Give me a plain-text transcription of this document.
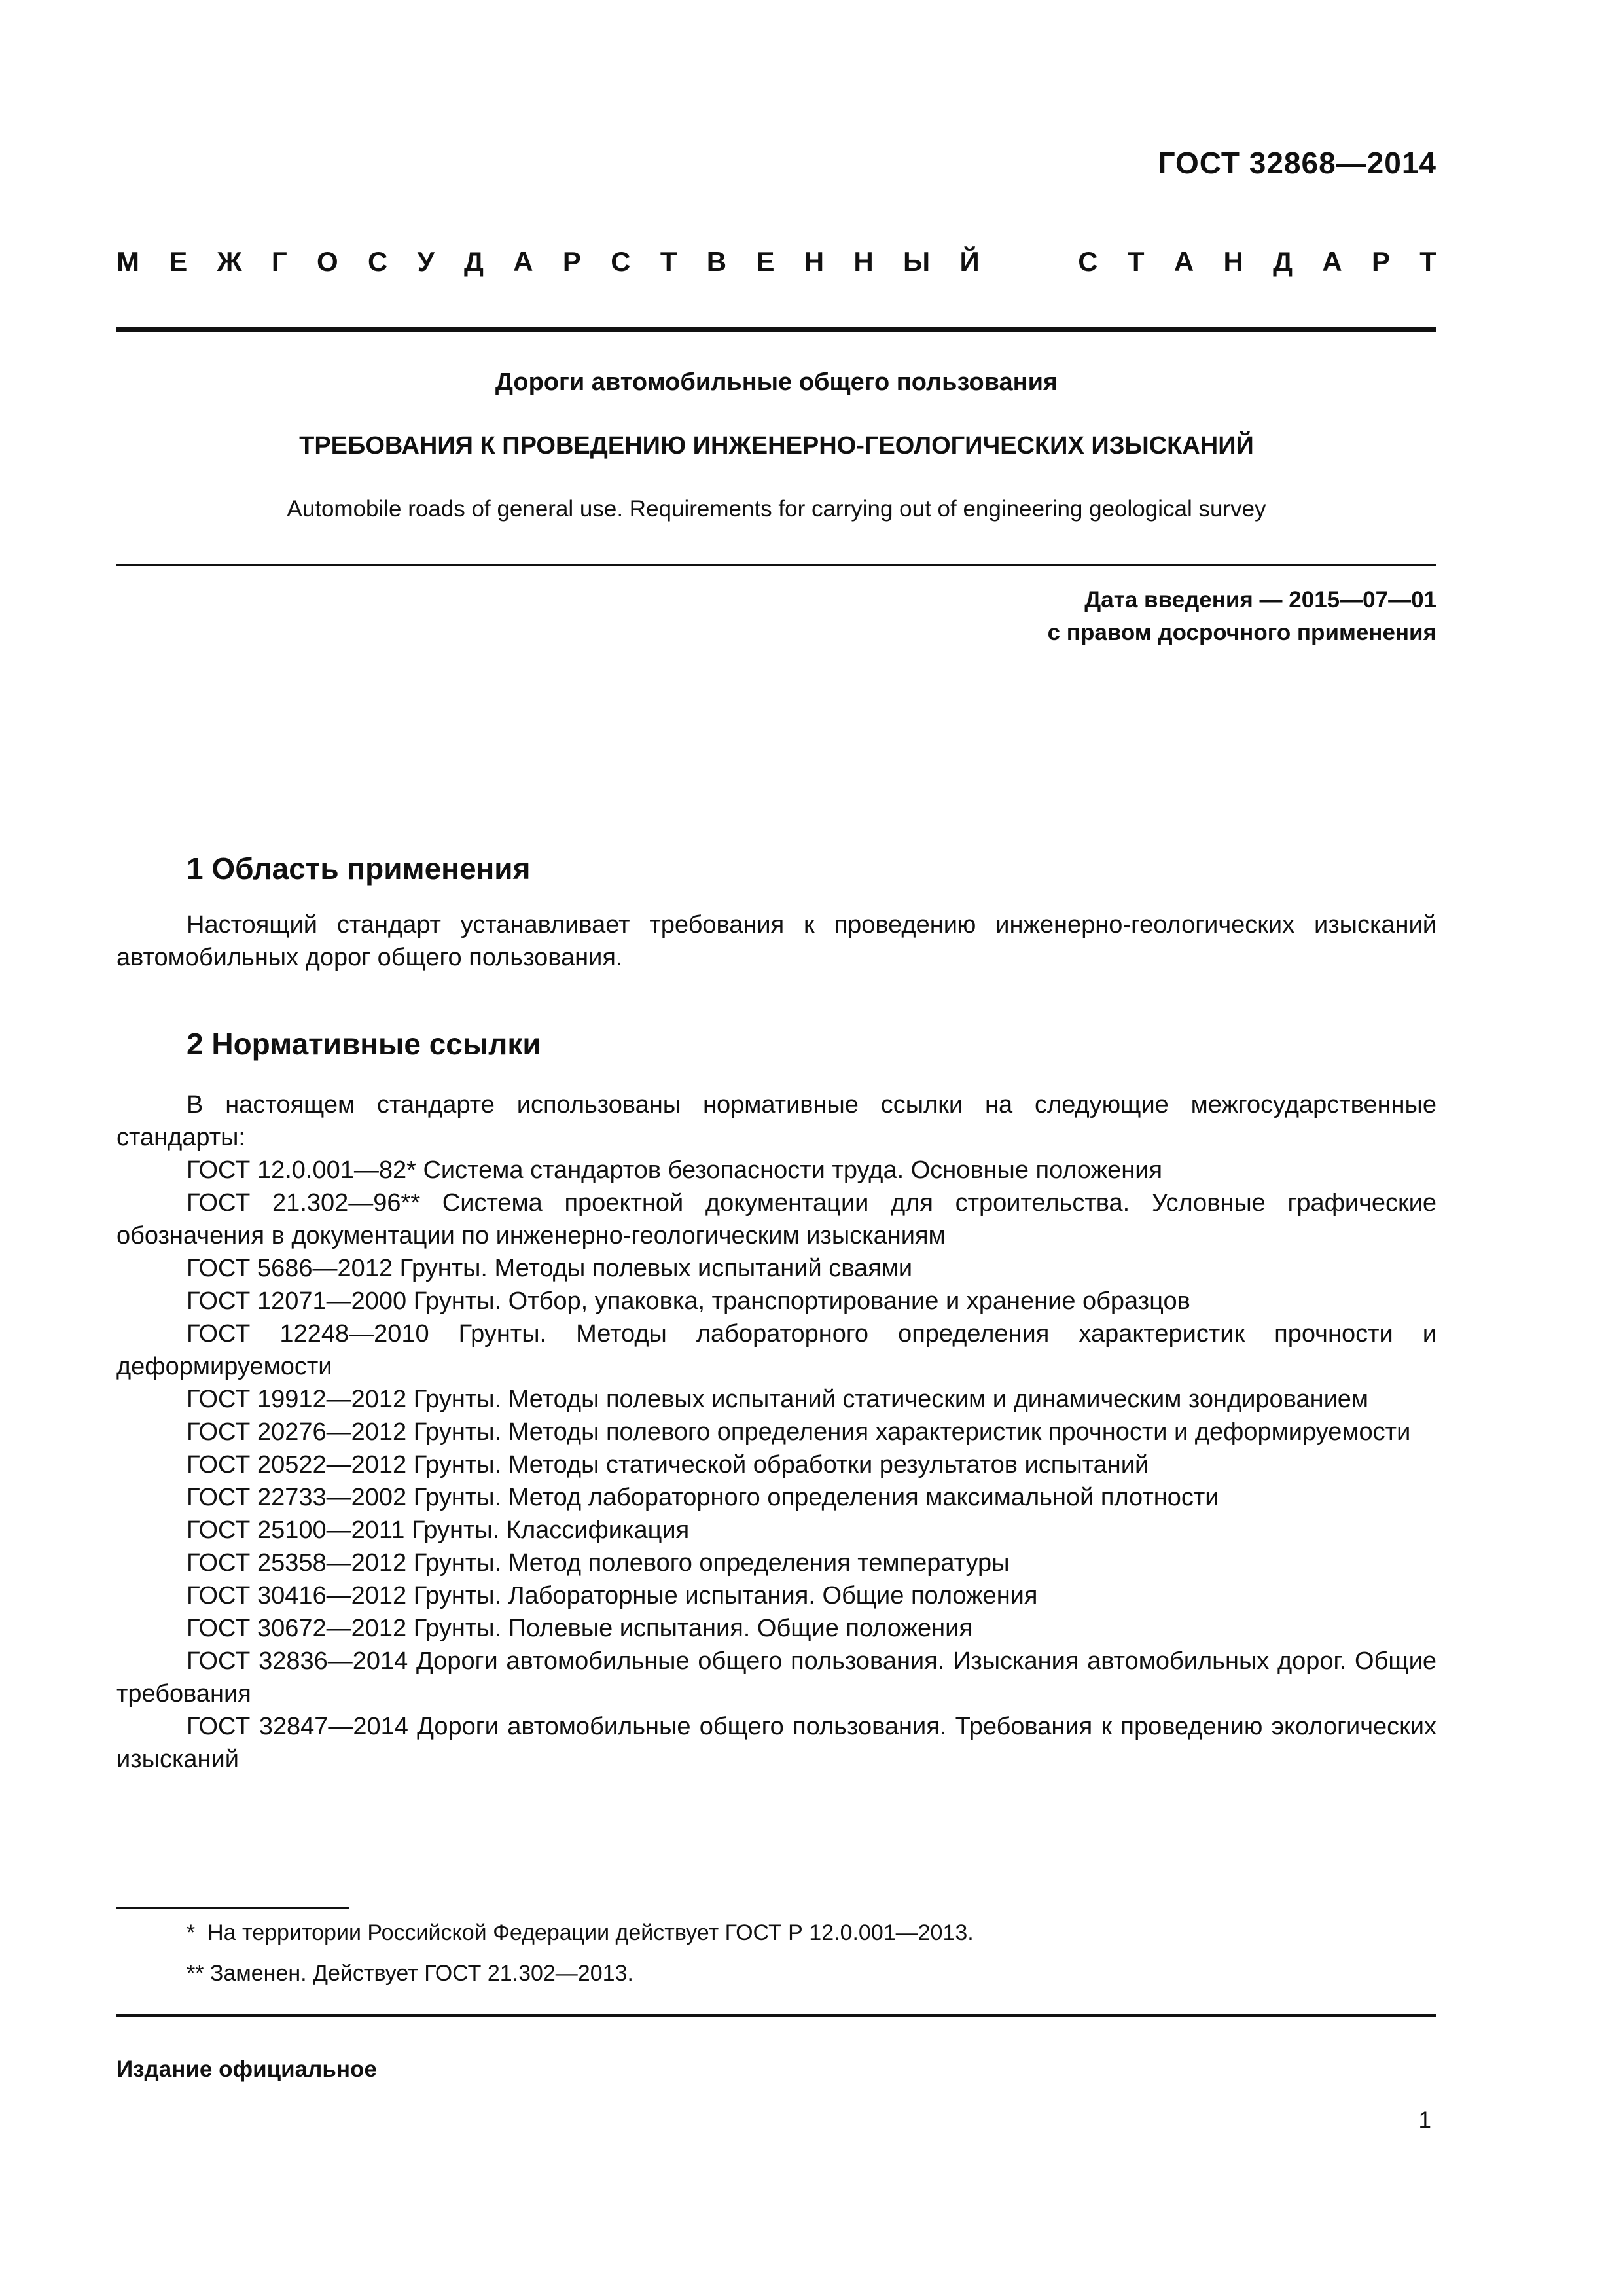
ГОСТ 32868—2014
М Е Ж Г О С У Д А Р С Т В Е Н Н Ы Й	С Т А Н Д А Р Т
Дороги автомобильные общего пользования
ТРЕБОВАНИЯ К ПРОВЕДЕНИЮ ИНЖЕНЕРНО-ГЕОЛОГИЧЕСКИХ ИЗЫСКАНИЙ
Automobile roads of general use. Requirements for carrying out of engineering geological survey
Дата введения — 2015—07—01
с правом досрочного применения
1 Область применения

Настоящий стандарт устанавливает требования к проведению инженерно-геологических изысканий автомобильных дорог общего пользования.

2 Нормативные ссылки

В настоящем стандарте использованы нормативные ссылки на следующие межгосударственные стандарты:

ГОСТ 12.0.001—82* Система стандартов безопасности труда. Основные положения

ГОСТ 21.302—96** Система проектной документации для строительства. Условные графические обозначения в документации по инженерно-геологическим изысканиям

ГОСТ 5686—2012 Грунты. Методы полевых испытаний сваями

ГОСТ 12071—2000 Грунты. Отбор, упаковка, транспортирование и хранение образцов

ГОСТ 12248—2010 Грунты. Методы лабораторного определения характеристик прочности и деформируемости

ГОСТ 19912—2012 Грунты. Методы полевых испытаний статическим и динамическим зондированием

ГОСТ 20276—2012 Грунты. Методы полевого определения характеристик прочности и деформируемости

ГОСТ 20522—2012 Грунты. Методы статической обработки результатов испытаний

ГОСТ 22733—2002 Грунты. Метод лабораторного определения максимальной плотности

ГОСТ 25100—2011 Грунты. Классификация

ГОСТ 25358—2012 Грунты. Метод полевого определения температуры

ГОСТ 30416—2012 Грунты. Лабораторные испытания. Общие положения

ГОСТ 30672—2012 Грунты. Полевые испытания. Общие положения

ГОСТ 32836—2014 Дороги автомобильные общего пользования. Изыскания автомобильных дорог. Общие требования

ГОСТ 32847—2014 Дороги автомобильные общего пользования. Требования к проведению экологических изысканий

*  На территории Российской Федерации действует ГОСТ Р 12.0.001—2013.
** Заменен. Действует ГОСТ 21.302—2013.
Издание официальное
1
